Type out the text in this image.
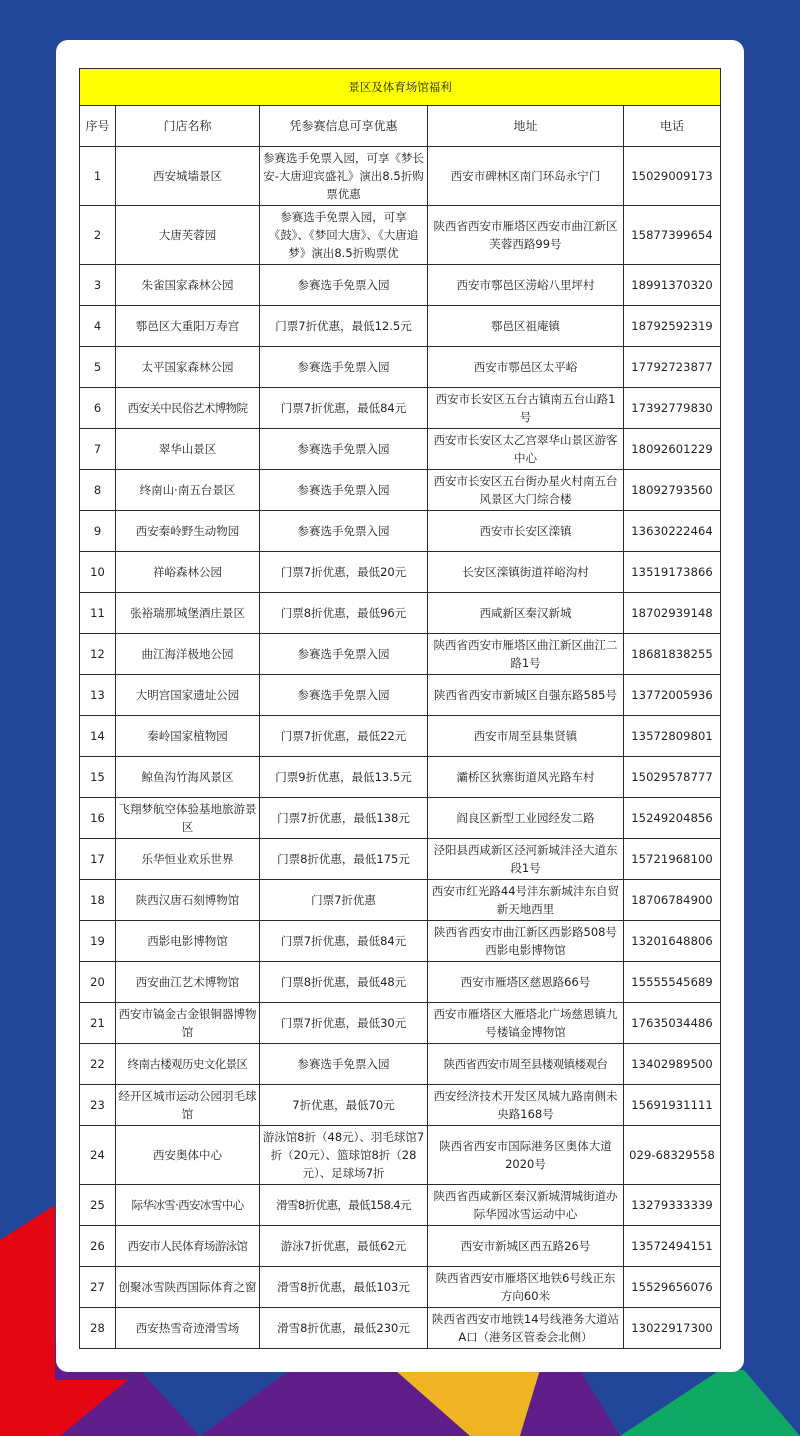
景区及体育场馆福利				
序号	门店名称	凭参赛信息可享优惠	地址	电话
1	西安城墙景区	参赛选手免票入园，可享《梦长安-大唐迎宾盛礼》演出8.5折购票优惠	西安市碑林区南门环岛永宁门	15029009173
2	大唐芙蓉园	参赛选手免票入园，可享《鼓》、《梦回大唐》、《大唐追梦》演出8.5折购票优	陕西省西安市雁塔区西安市曲江新区芙蓉西路99号	15877399654
3	朱雀国家森林公园	参赛选手免票入园	西安市鄠邑区涝峪八里坪村	18991370320
4	鄠邑区大重阳万寿宫	门票7折优惠，最低12.5元	鄠邑区祖庵镇	18792592319
5	太平国家森林公园	参赛选手免票入园	西安市鄠邑区太平峪	17792723877
6	西安关中民俗艺术博物院	门票7折优惠，最低84元	西安市长安区五台古镇南五台山路1号	17392779830
7	翠华山景区	参赛选手免票入园	西安市长安区太乙宫翠华山景区游客中心	18092601229
8	终南山·南五台景区	参赛选手免票入园	西安市长安区五台街办星火村南五台风景区大门综合楼	18092793560
9	西安秦岭野生动物园	参赛选手免票入园	西安市长安区滦镇	13630222464
10	祥峪森林公园	门票7折优惠，最低20元	长安区滦镇街道祥峪沟村	13519173866
11	张裕瑞那城堡酒庄景区	门票8折优惠，最低96元	西咸新区秦汉新城	18702939148
12	曲江海洋极地公园	参赛选手免票入园	陕西省西安市雁塔区曲江新区曲江二路1号	18681838255
13	大明宫国家遗址公园	参赛选手免票入园	陕西省西安市新城区自强东路585号	13772005936
14	秦岭国家植物园	门票7折优惠，最低22元	西安市周至县集贤镇	13572809801
15	鲸鱼沟竹海风景区	门票9折优惠，最低13.5元	灞桥区狄寨街道风光路车村	15029578777
16	飞翔梦航空体验基地旅游景区	门票7折优惠，最低138元	阎良区新型工业园经发二路	15249204856
17	乐华恒业欢乐世界	门票8折优惠，最低175元	泾阳县西咸新区泾河新城沣泾大道东段1号	15721968100
18	陕西汉唐石刻博物馆	门票7折优惠	西安市红光路44号沣东新城沣东自贸新天地西里	18706784900
19	西影电影博物馆	门票7折优惠，最低84元	陕西省西安市曲江新区西影路508号西影电影博物馆	13201648806
20	西安曲江艺术博物馆	门票8折优惠，最低48元	西安市雁塔区慈恩路66号	15555545689
21	西安市镐金古金银铜器博物馆	门票7折优惠，最低30元	西安市雁塔区大雁塔北广场慈恩镇九号楼镐金博物馆	17635034486
22	终南古楼观历史文化景区	参赛选手免票入园	陕西省西安市周至县楼观镇楼观台	13402989500
23	经开区城市运动公园羽毛球馆	7折优惠，最低70元	西安经济技术开发区凤城九路南侧未央路168号	15691931111
24	西安奥体中心	游泳馆8折（48元）、羽毛球馆7折（20元）、篮球馆8折（28元）、足球场7折	陕西省西安市国际港务区奥体大道2020号	029-68329558
25	际华冰雪·西安冰雪中心	滑雪8折优惠，最低158.4元	陕西省西咸新区秦汉新城渭城街道办际华园冰雪运动中心	13279333339
26	西安市人民体育场游泳馆	游泳7折优惠，最低62元	西安市新城区西五路26号	13572494151
27	创聚冰雪陕西国际体育之窗	滑雪8折优惠，最低103元	陕西省西安市雁塔区地铁6号线正东方向60米	15529656076
28	西安热雪奇迹滑雪场	滑雪8折优惠，最低230元	陕西省西安市地铁14号线港务大道站A口（港务区管委会北侧）	13022917300
